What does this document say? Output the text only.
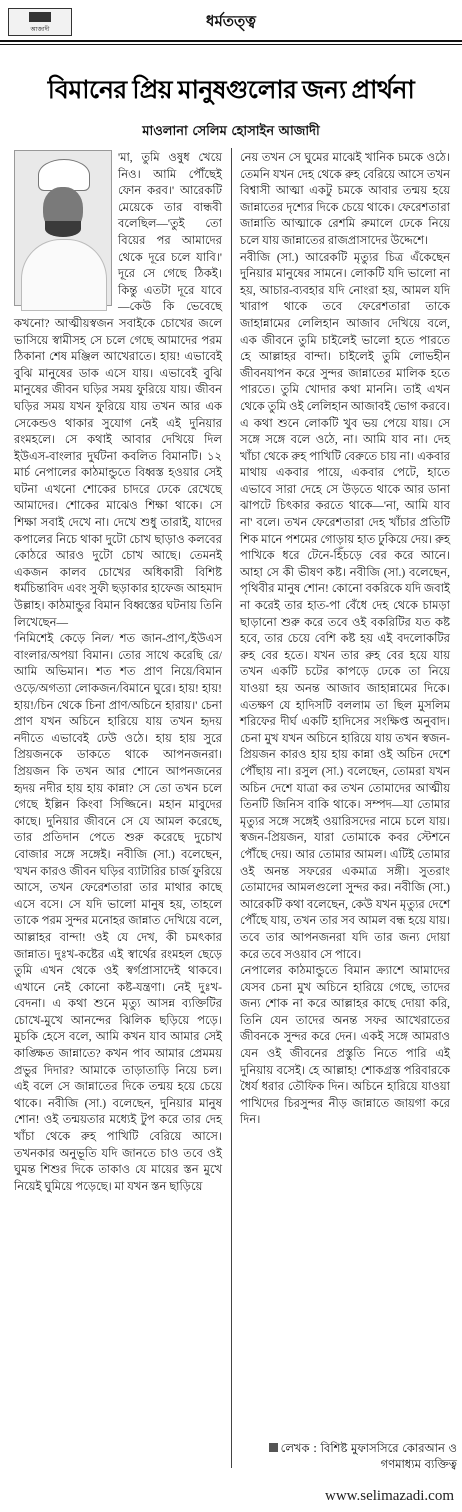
আজাদী	ধর্মতত্ত্ব
বিমানের প্রিয় মানুষগুলোর জন্য প্রার্থনা
মাওলানা সেলিম হোসাইন আজাদী

'মা, তুমি ওষুধ খেয়ে নিও। আমি পৌঁছেই ফোন করব।' আরেকটি মেয়েকে তার বান্ধবী বলেছিল—'তুই তো বিয়ের পর আমাদের থেকে দূরে চলে যাবি।' দূরে সে গেছে ঠিকই। কিন্তু এতটা দূরে যাবে—কেউ কি ভেবেছে কখনো? আত্মীয়স্বজন সবাইকে চোখের জলে ভাসিয়ে স্বামীসহ সে চলে গেছে আমাদের পরম ঠিকানা শেষ মঞ্জিল আখেরাতে। হায়! এভাবেই বুঝি মানুষের ডাক এসে যায়। এভাবেই বুঝি মানুষের জীবন ঘড়ির সময় ফুরিয়ে যায়। জীবন ঘড়ির সময় যখন ফুরিয়ে যায় তখন আর এক সেকেন্ডও থাকার সুযোগ নেই এই দুনিয়ার রংমহলে। সে কথাই আবার দেখিয়ে দিল ইউএস-বাংলার দুর্ঘটনা কবলিত বিমানটি। ১২ মার্চ নেপালের কাঠমান্ডুতে বিধ্বস্ত হওয়ার সেই ঘটনা এখনো শোকের চাদরে ঢেকে রেখেছে আমাদের। শোকের মাঝেও শিক্ষা থাকে। সে শিক্ষা সবাই দেখে না। দেখে শুধু তারাই, যাদের কপালের নিচে থাকা দুটো চোখ ছাড়াও কলবের কোঠরে আরও দুটো চোখ আছে। তেমনই একজন কালব চোখের অধিকারী বিশিষ্ট ধর্মচিন্তাবিদ এবং সুফী ছড়াকার হাফেজ আহমাদ উল্লাহ। কাঠমান্ডুর বিমান বিধ্বস্তের ঘটনায় তিনি লিখেছেন—
'নিমিশেই কেড়ে নিল/ শত জান-প্রাণ,/ইউএস বাংলার/অপয়া বিমান। তোর সাথে করেছি রে/আমি অভিমান। শত শত প্রাণ নিয়ে/বিমান ওড়ে/অগত্যা লোকজন/বিমানে ঘুরে। হায়! হায়! হায়!/চিন থেকে চিনা প্রাণ/অচিনে হারায়।' চেনা প্রাণ যখন অচিনে হারিয়ে যায় তখন হৃদয় নদীতে এভাবেই ঢেউ ওঠে। হায় হায় সুরে প্রিয়জনকে ডাকতে থাকে আপনজনরা। প্রিয়জন কি তখন আর শোনে আপনজনের হৃদয় নদীর হায় হায় কান্না? সে তো তখন চলে গেছে ইল্লিন কিংবা সিজ্জিনে। মহান মাবুদের কাছে। দুনিয়ার জীবনে সে যে আমল করেছে, তার প্রতিদান পেতে শুরু করেছে দুচোখ বোজার সঙ্গে সঙ্গেই। নবীজি (সা.) বলেছেন, 'যখন কারও জীবন ঘড়ির ব্যাটারির চার্জ ফুরিয়ে আসে, তখন ফেরেশতারা তার মাথার কাছে এসে বসে। সে যদি ভালো মানুষ হয়, তাহলে তাকে পরম সুন্দর মনোহর জান্নাত দেখিয়ে বলে, আল্লাহর বান্দা! ওই যে দেখ, কী চমৎকার জান্নাত। দুঃখ-কষ্টের এই স্বার্থের রংমহল ছেড়ে তুমি এখন থেকে ওই স্বর্গপ্রাসাদেই থাকবে। এখানে নেই কোনো কষ্ট-যন্ত্রণা। নেই দুঃখ-বেদনা। এ কথা শুনে মৃত্যু আসন্ন ব্যক্তিটির চোখে-মুখে আনন্দের ঝিলিক ছড়িয়ে পড়ে। মুচকি হেসে বলে, আমি কখন যাব আমার সেই কাঙ্ক্ষিত জান্নাতে? কখন পাব আমার প্রেমময় প্রভুর দিদার? আমাকে তাড়াতাড়ি নিয়ে চল। এই বলে সে জান্নাতের দিকে তন্ময় হয়ে চেয়ে থাকে। নবীজি (সা.) বলেছেন, দুনিয়ার মানুষ শোন! ওই তন্ময়তার মধ্যেই টুপ করে তার দেহ খাঁচা থেকে রুহ পাখিটি বেরিয়ে আসে। তখনকার অনুভূতি যদি জানতে চাও তবে ওই ঘুমন্ত শিশুর দিকে তাকাও যে মায়ের স্তন মুখে নিয়েই ঘুমিয়ে পড়েছে। মা যখন স্তন ছাড়িয়ে

নেয় তখন সে ঘুমের মাঝেই খানিক চমকে ওঠে। তেমনি যখন দেহ থেকে রুহ বেরিয়ে আসে তখন বিশ্বাসী আত্মা একটু চমকে আবার তন্ময় হয়ে জান্নাতের দৃশ্যের দিকে চেয়ে থাকে। ফেরেশতারা জান্নাতি আত্মাকে রেশমি রুমালে ঢেকে নিয়ে চলে যায় জান্নাতের রাজপ্রাসাদের উদ্দেশে।
নবীজি (সা.) আরেকটি মৃত্যুর চিত্র এঁকেছেন দুনিয়ার মানুষের সামনে। লোকটি যদি ভালো না হয়, আচার-ব্যবহার যদি নোংরা হয়, আমল যদি খারাপ থাকে তবে ফেরেশতারা তাকে জাহান্নামের লেলিহান আজাব দেখিয়ে বলে, এক জীবনে তুমি চাইলেই ভালো হতে পারতে হে আল্লাহর বান্দা। চাইলেই তুমি লোভহীন জীবনযাপন করে সুন্দর জান্নাতের মালিক হতে পারতে। তুমি খোদার কথা মাননি। তাই এখন থেকে তুমি ওই লেলিহান আজাবই ভোগ করবে। এ কথা শুনে লোকটি খুব ভয় পেয়ে যায়। সে সঙ্গে সঙ্গে বলে ওঠে, না। আমি যাব না। দেহ খাঁচা থেকে রুহ পাখিটি বেরুতে চায় না। একবার মাথায় একবার পায়ে, একবার পেটে, হাতে এভাবে সারা দেহে সে উড়তে থাকে আর ডানা ঝাপটে চিৎকার করতে থাকে—'না, আমি যাব না' বলে। তখন ফেরেশতারা দেহ খাঁচার প্রতিটি শিক মানে পশমের গোড়ায় হাত ঢুকিয়ে দেয়। রুহ পাখিকে ধরে টেনে-হিঁচড়ে বের করে আনে। আহা সে কী ভীষণ কষ্ট। নবীজি (সা.) বলেছেন, পৃথিবীর মানুষ শোন! কোনো বকরিকে যদি জবাই না করেই তার হাত-পা বেঁধে দেহ থেকে চামড়া ছাড়ানো শুরু করে তবে ওই বকরিটির যত কষ্ট হবে, তার চেয়ে বেশি কষ্ট হয় এই বদলোকটির রুহ বের হতে। যখন তার রুহ বের হয়ে যায় তখন একটি চটের কাপড়ে ঢেকে তা নিয়ে যাওয়া হয় অনন্ত আজাব জাহান্নামের দিকে। এতক্ষণ যে হাদিসটি বললাম তা ছিল মুসলিম শরিফের দীর্ঘ একটি হাদিসের সংক্ষিপ্ত অনুবাদ। চেনা মুখ যখন অচিনে হারিয়ে যায় তখন স্বজন-প্রিয়জন কারও হায় হায় কান্না ওই অচিন দেশে পৌঁছায় না। রসুল (সা.) বলেছেন, তোমরা যখন অচিন দেশে যাত্রা কর তখন তোমাদের আত্মীয় তিনটি জিনিস বাকি থাকে। সম্পদ—যা তোমার মৃত্যুর সঙ্গে সঙ্গেই ওয়ারিসদের নামে চলে যায়। স্বজন-প্রিয়জন, যারা তোমাকে কবর স্টেশনে পৌঁছে দেয়। আর তোমার আমল। এটিই তোমার ওই অনন্ত সফরের একমাত্র সঙ্গী। সুতরাং তোমাদের আমলগুলো সুন্দর কর। নবীজি (সা.) আরেকটি কথা বলেছেন, কেউ যখন মৃত্যুর দেশে পৌঁছে যায়, তখন তার সব আমল বন্ধ হয়ে যায়। তবে তার আপনজনরা যদি তার জন্য দোয়া করে তবে সওয়াব সে পাবে।
নেপালের কাঠমান্ডুতে বিমান ক্র্যাশে আমাদের যেসব চেনা মুখ অচিনে হারিয়ে গেছে, তাদের জন্য শোক না করে আল্লাহর কাছে দোয়া করি, তিনি যেন তাদের অনন্ত সফর আখেরাতের জীবনকে সুন্দর করে দেন। একই সঙ্গে আমরাও যেন ওই জীবনের প্রস্তুতি নিতে পারি এই দুনিয়ায় বসেই। হে আল্লাহ! শোকগ্রস্ত পরিবারকে ধৈর্য ধরার তৌফিক দিন। অচিনে হারিয়ে যাওয়া পাখিদের চিরসুন্দর নীড় জান্নাতে জায়গা করে দিন।

লেখক : বিশিষ্ট মুফাসসিরে কোরআন ও গণমাধ্যম ব্যক্তিত্ব
www.selimazadi.com
